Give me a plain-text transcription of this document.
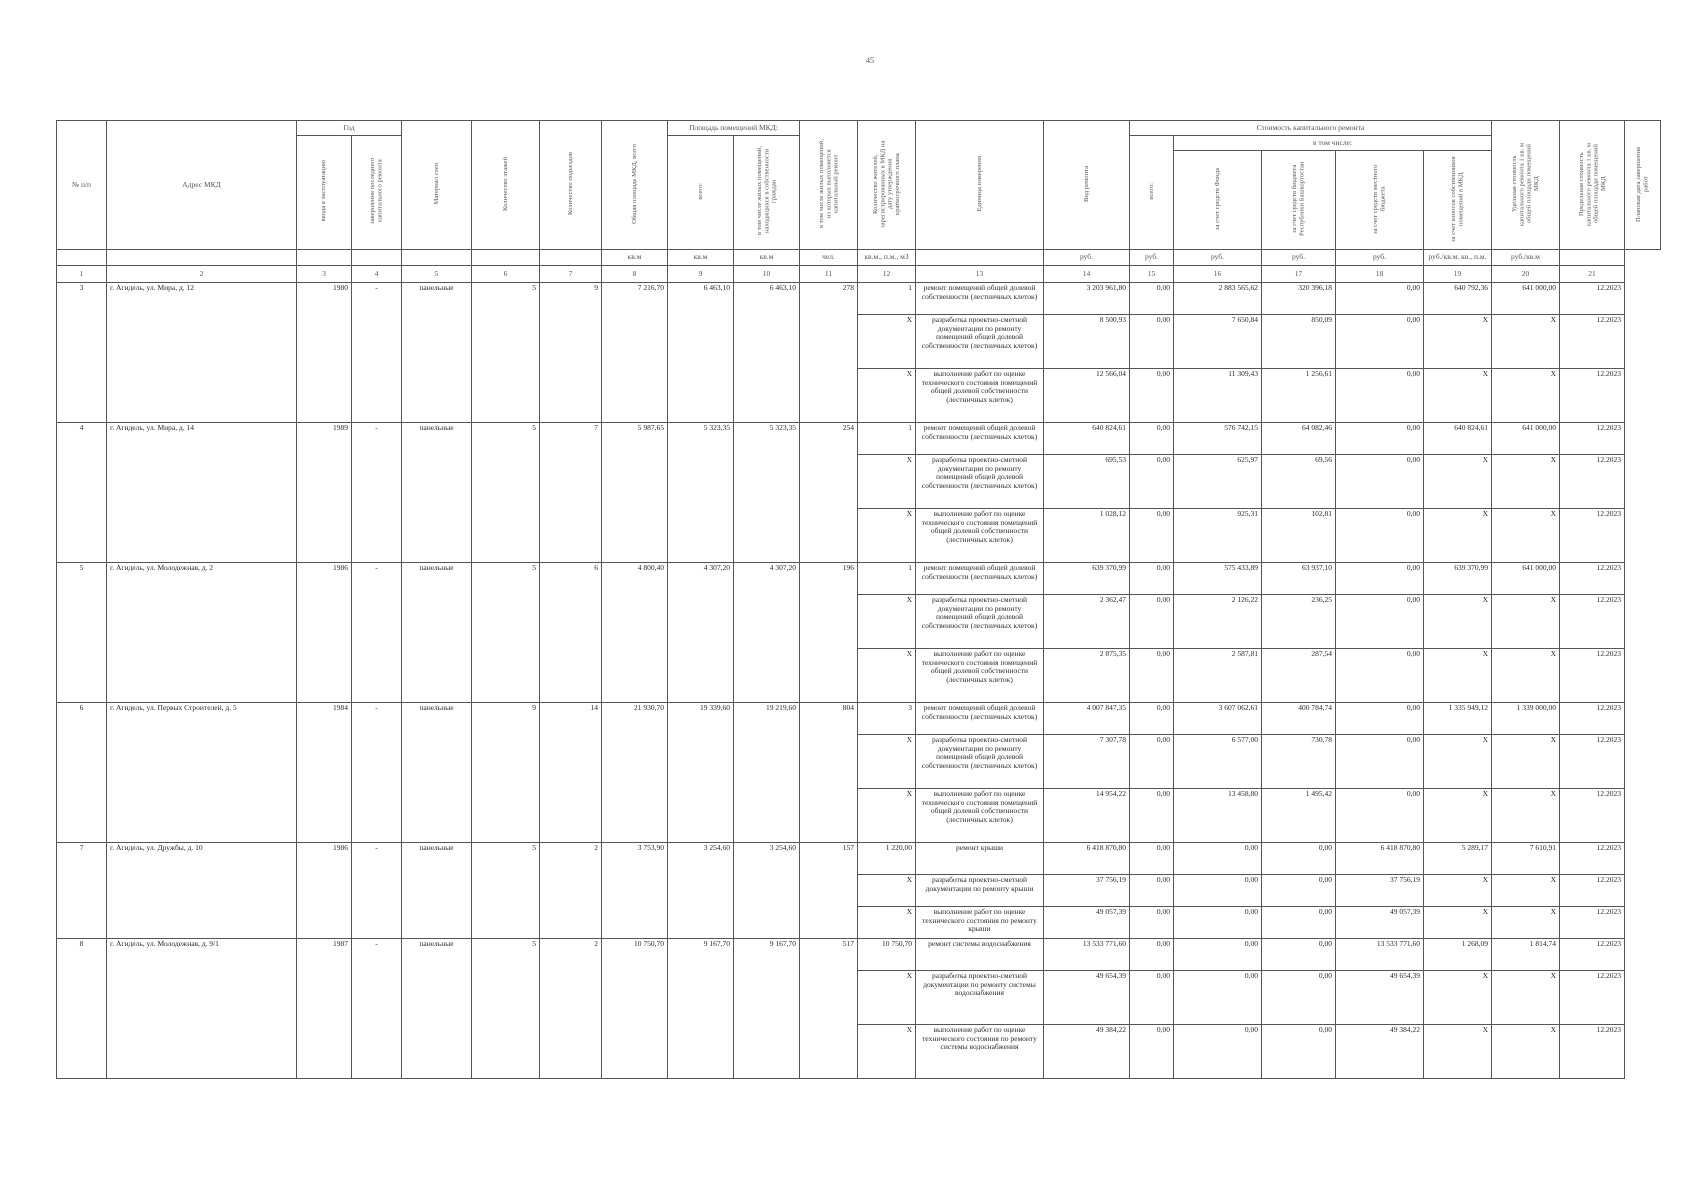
45
№ п/п	Адрес МКД	Год		Материал стен	Количество этажей	Количество подъездов	Общая площадь МКД, всего	Площадь помещений МКД:		в том числе жилых помещений, из которых выполняется капитальный ремонт	Количество жителей, зарегистрированных в МКД на дату утверждения краткосрочного плана	Единица измерения	Вид ремонта	Стоимость капитального ремонта					Удельная стоимость капитального ремонта 1 кв. м общей площади помещений МКД	Предельная стоимость капитального ремонта 1 кв. м общей площади помещений МКД	Плановая дата завершения работ
		ввода в эксплуатацию	завершения последнего капитального ремонта					всего:	в том числе жилых помещений, находящихся в собственности граждан					всего:	в том числе:						
															за счет средств Фонда	за счет средств бюджета Республики Башкортостан	за счет средств местного бюджета	за счет взносов собственников помещений в МКД			
							кв.м	кв.м	кв.м	чел.	кв.м., п.м., м3		руб.	руб.	руб.	руб.	руб.	руб./кв.м. кв., п.м.	руб./кв.м		
1	2	3	4	5	6	7	8	9	10	11	12	13	14	15	16	17	18	19	20	21	
3	г. Агидель, ул. Мира, д. 12	1980	-	панельные	5	9	7 216,70	6 463,10	6 463,10	278	1	ремонт помещений общей долевой собственности (лестничных клеток)	3 203 961,80	0,00	2 883 565,62	320 396,18	0,00	640 792,36	641 000,00	12.2023	
											X	разработка проектно-сметной документации по ремонту помещений общей долевой собственности (лестничных клеток)	8 500,93	0,00	7 650,84	850,09	0,00	X	X	12.2023	
											X	выполнение работ по оценке технического состояния помещений общей долевой собственности (лестничных клеток)	12 566,04	0,00	11 309,43	1 256,61	0,00	X	X	12.2023	
4	г. Агидель, ул. Мира, д. 14	1989	-	панельные	5	7	5 987,65	5 323,35	5 323,35	254	1	ремонт помещений общей долевой собственности (лестничных клеток)	640 824,61	0,00	576 742,15	64 082,46	0,00	640 824,61	641 000,00	12.2023	
											X	разработка проектно-сметной документации по ремонту помещений общей долевой собственности (лестничных клеток)	695,53	0,00	625,97	69,56	0,00	X	X	12.2023	
											X	выполнение работ по оценке технического состояния помещений общей долевой собственности (лестничных клеток)	1 028,12	0,00	925,31	102,81	0,00	X	X	12.2023	
5	г. Агидель, ул. Молодежная, д. 2	1986	-	панельные	5	6	4 800,40	4 307,20	4 307,20	196	1	ремонт помещений общей долевой собственности (лестничных клеток)	639 370,99	0,00	575 433,89	63 937,10	0,00	639 370,99	641 000,00	12.2023	
											X	разработка проектно-сметной документации по ремонту помещений общей долевой собственности (лестничных клеток)	2 362,47	0,00	2 126,22	236,25	0,00	X	X	12.2023	
											X	выполнение работ по оценке технического состояния помещений общей долевой собственности (лестничных клеток)	2 875,35	0,00	2 587,81	287,54	0,00	X	X	12.2023	
6	г. Агидель, ул. Первых Строителей, д. 5	1984	-	панельные	9	14	21 930,70	19 339,60	19 219,60	804	3	ремонт помещений общей долевой собственности (лестничных клеток)	4 007 847,35	0,00	3 607 062,61	400 784,74	0,00	1 335 949,12	1 339 000,00	12.2023	
											X	разработка проектно-сметной документации по ремонту помещений общей долевой собственности (лестничных клеток)	7 307,78	0,00	6 577,00	730,78	0,00	X	X	12.2023	
											X	выполнение работ по оценке технического состояния помещений общей долевой собственности (лестничных клеток)	14 954,22	0,00	13 458,80	1 495,42	0,00	X	X	12.2023	
7	г. Агидель, ул. Дружбы, д. 10	1986	-	панельные	5	2	3 753,90	3 254,60	3 254,60	157	1 220,00	ремонт крыши	6 418 870,80	0,00	0,00	0,00	6 418 870,80	5 289,17	7 610,91	12.2023	
											X	разработка проектно-сметной документации по ремонту крыши	37 756,19	0,00	0,00	0,00	37 756,19	X	X	12.2023	
											X	выполнение работ по оценке технического состояния по ремонту крыши	49 057,39	0,00	0,00	0,00	49 057,39	X	X	12.2023	
8	г. Агидель, ул. Молодежная, д. 9/1	1987	-	панельные	5	2	10 750,70	9 167,70	9 167,70	517	10 750,70	ремонт системы водоснабжения	13 533 771,60	0,00	0,00	0,00	13 533 771,60	1 268,09	1 814,74	12.2023	
											X	разработка проектно-сметной документации по ремонту системы водоснабжения	49 654,39	0,00	0,00	0,00	49 654,39	X	X	12.2023	
											X	выполнение работ по оценке технического состояния по ремонту системы водоснабжения	49 384,22	0,00	0,00	0,00	49 384,22	X	X	12.2023	
